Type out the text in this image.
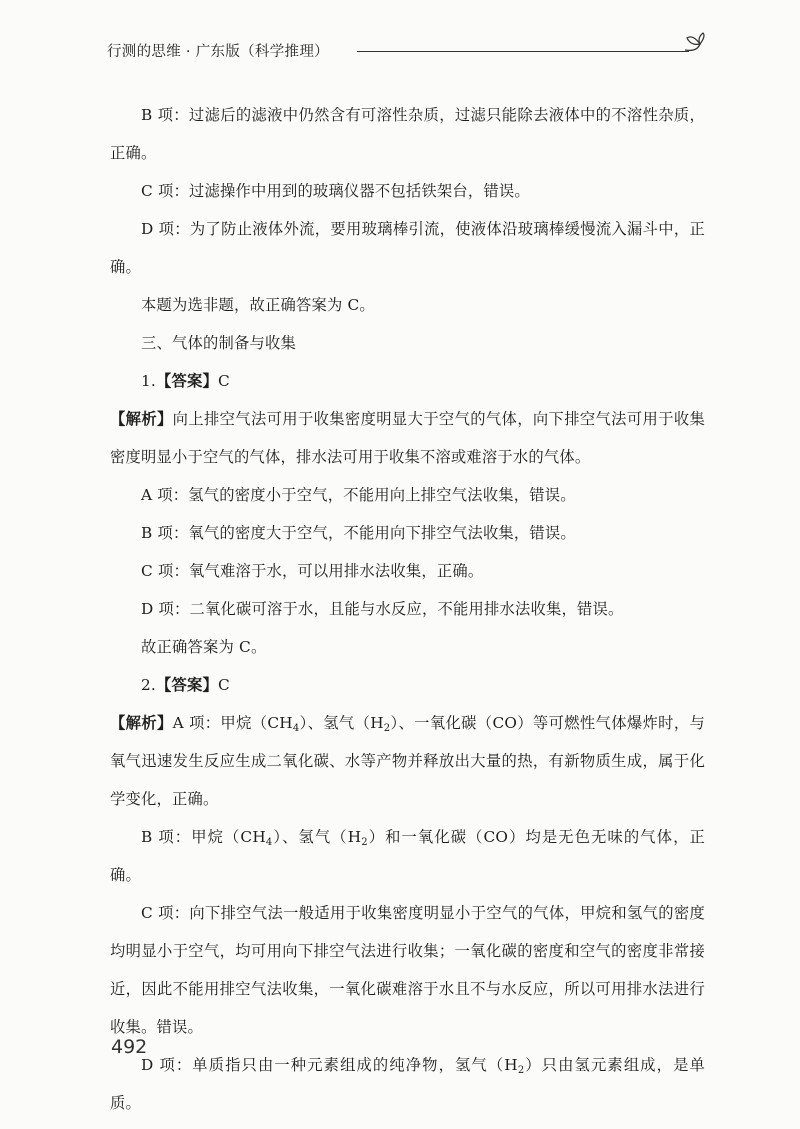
行测的思维 · 广东版（科学推理）

B 项：过滤后的滤液中仍然含有可溶性杂质，过滤只能除去液体中的不溶性杂质，正确。

C 项：过滤操作中用到的玻璃仪器不包括铁架台，错误。

D 项：为了防止液体外流，要用玻璃棒引流，使液体沿玻璃棒缓慢流入漏斗中，正确。

本题为选非题，故正确答案为 C。

三、气体的制备与收集

1.【答案】C

【解析】向上排空气法可用于收集密度明显大于空气的气体，向下排空气法可用于收集密度明显小于空气的气体，排水法可用于收集不溶或难溶于水的气体。

A 项：氢气的密度小于空气，不能用向上排空气法收集，错误。

B 项：氧气的密度大于空气，不能用向下排空气法收集，错误。

C 项：氧气难溶于水，可以用排水法收集，正确。

D 项：二氧化碳可溶于水，且能与水反应，不能用排水法收集，错误。

故正确答案为 C。

2.【答案】C

【解析】A 项：甲烷$(CH_4)$、氢气$(H_2)$、一氧化碳（CO）等可燃性气体爆炸时，与氧气迅速发生反应生成二氧化碳、水等产物并释放出大量的热，有新物质生成，属于化学变化，正确。

B 项：甲烷$(CH_4)$、氢气$(H_2)$和一氧化碳（CO）均是无色无味的气体，正确。

C 项：向下排空气法一般适用于收集密度明显小于空气的气体，甲烷和氢气的密度均明显小于空气，均可用向下排空气法进行收集；一氧化碳的密度和空气的密度非常接近，因此不能用排空气法收集，一氧化碳难溶于水且不与水反应，所以可用排水法进行收集。错误。

D 项：单质指只由一种元素组成的纯净物，氢气$(H_2)$只由氢元素组成，是单质。

492
